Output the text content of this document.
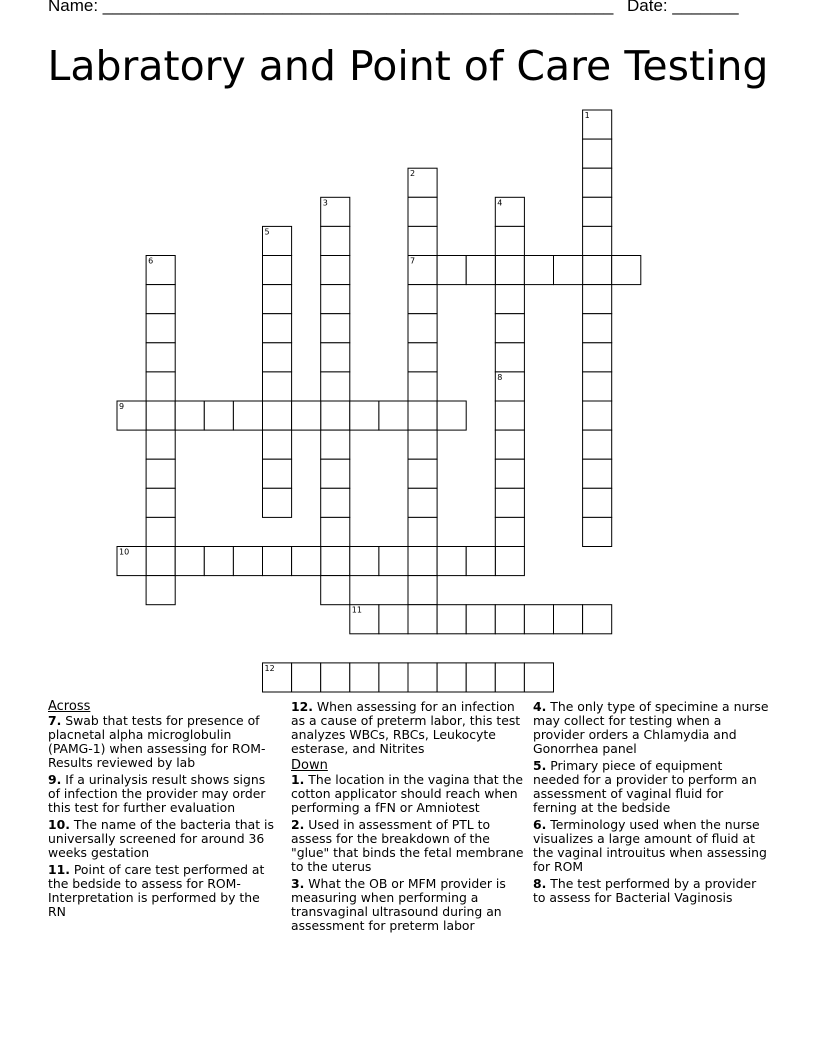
Name: ______________________________________________________ Date: _______
Labratory and Point of Care Testing
1
2
3	4
5
6	7
8
9
10
11
12
Across
7. Swab that tests for presence of placnetal alpha microglobulin (PAMG-1) when assessing for ROM- Results reviewed by lab
9. If a urinalysis result shows signs of infection the provider may order this test for further evaluation
10. The name of the bacteria that is universally screened for around 36 weeks gestation
11. Point of care test performed at the bedside to assess for ROM- Interpretation is performed by the RN
12. When assessing for an infection as a cause of preterm labor, this test analyzes WBCs, RBCs, Leukocyte esterase, and Nitrites
Down
1. The location in the vagina that the cotton applicator should reach when performing a fFN or Amniotest
2. Used in assessment of PTL to assess for the breakdown of the "glue" that binds the fetal membrane to the uterus
3. What the OB or MFM provider is measuring when performing a transvaginal ultrasound during an assessment for preterm labor
4. The only type of specimine a nurse may collect for testing when a provider orders a Chlamydia and Gonorrhea panel
5. Primary piece of equipment needed for a provider to perform an assessment of vaginal fluid for ferning at the bedside
6. Terminology used when the nurse visualizes a large amount of fluid at the vaginal introuitus when assessing for ROM
8. The test performed by a provider to assess for Bacterial Vaginosis
